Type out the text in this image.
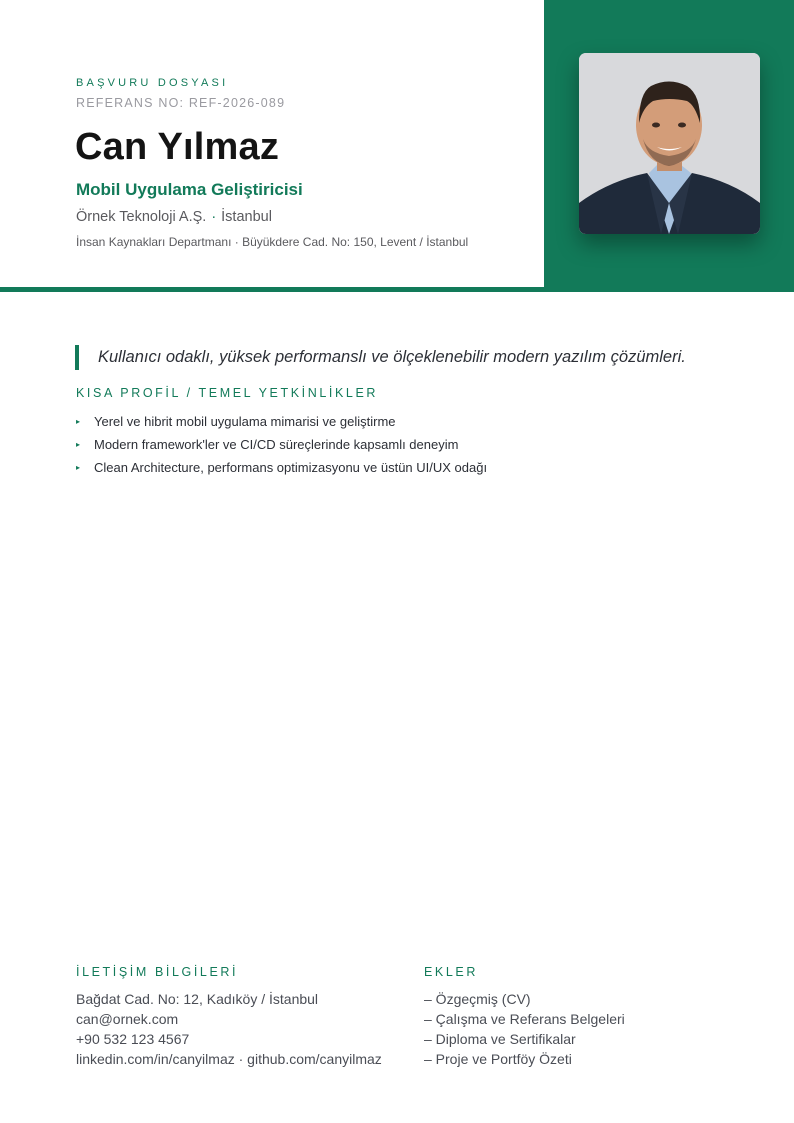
BAŞVURU DOSYASI
REFERANS NO: REF-2026-089
Can Yılmaz
Mobil Uygulama Geliştiricisi
Örnek Teknoloji A.Ş. · İstanbul
İnsan Kaynakları Departmanı · Büyükdere Cad. No: 150, Levent / İstanbul
Kullanıcı odaklı, yüksek performanslı ve ölçeklenebilir modern yazılım çözümleri.
KISA PROFİL / TEMEL YETKİNLİKLER
▸	Yerel ve hibrit mobil uygulama mimarisi ve geliştirme
▸	Modern framework'ler ve CI/CD süreçlerinde kapsamlı deneyim
▸	Clean Architecture, performans optimizasyonu ve üstün UI/UX odağı
İLETİŞİM BİLGİLERİ
Bağdat Cad. No: 12, Kadıköy / İstanbul
can@ornek.com
+90 532 123 4567
linkedin.com/in/canyilmaz · github.com/canyilmaz
EKLER
– Özgeçmiş (CV)
– Çalışma ve Referans Belgeleri
– Diploma ve Sertifikalar
– Proje ve Portföy Özeti
